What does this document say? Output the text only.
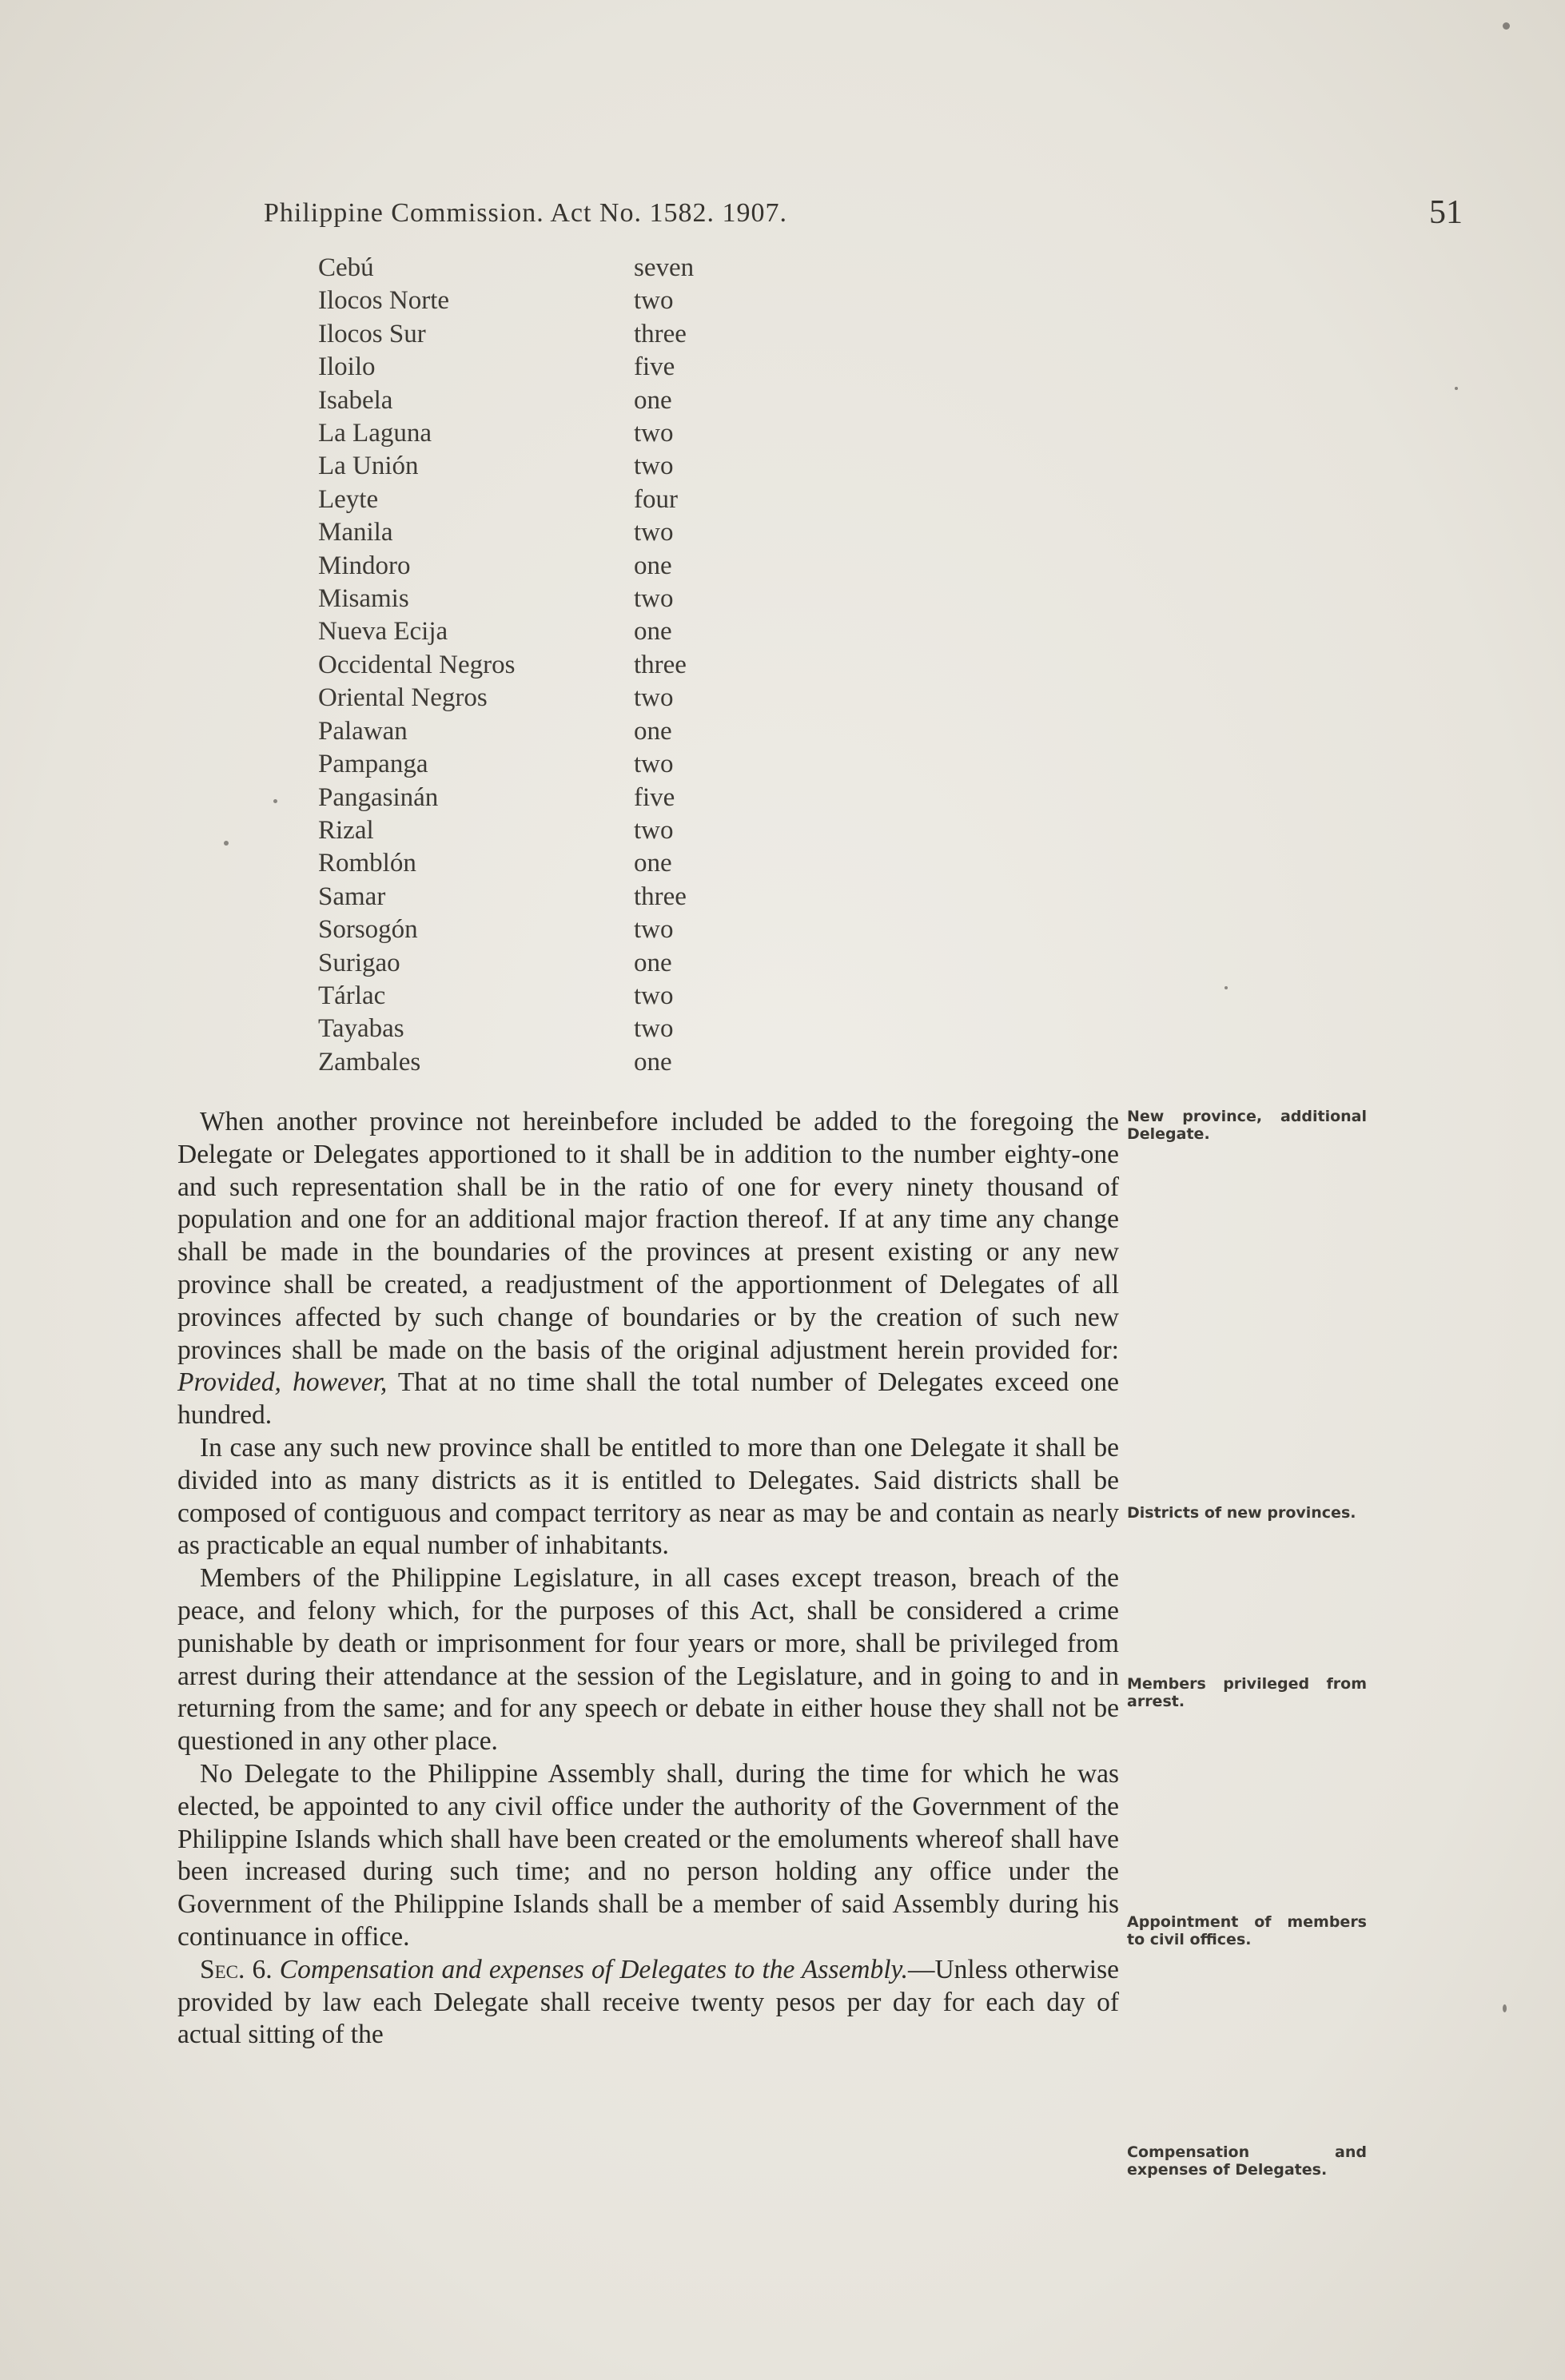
Philippine Commission. Act No. 1582. 1907.	51
Cebú	seven
Ilocos Norte	two
Ilocos Sur	three
Iloilo	five
Isabela	one
La Laguna	two
La Unión	two
Leyte	four
Manila	two
Mindoro	one
Misamis	two
Nueva Ecija	one
Occidental Negros	three
Oriental Negros	two
Palawan	one
Pampanga	two
Pangasinán	five
Rizal	two
Romblón	one
Samar	three
Sorsogón	two
Surigao	one
Tárlac	two
Tayabas	two
Zambales	one

When another province not hereinbefore included be added to the foregoing the Delegate or Delegates apportioned to it shall be in addition to the number eighty-one and such representation shall be in the ratio of one for every ninety thousand of population and one for an additional major fraction thereof. If at any time any change shall be made in the boundaries of the provinces at present existing or any new province shall be created, a readjustment of the apportionment of Delegates of all provinces affected by such change of boundaries or by the creation of such new provinces shall be made on the basis of the original adjustment herein provided for: Provided, however, That at no time shall the total number of Delegates exceed one hundred.

In case any such new province shall be entitled to more than one Delegate it shall be divided into as many districts as it is entitled to Delegates. Said districts shall be composed of contiguous and compact territory as near as may be and contain as nearly as practicable an equal number of inhabitants.

Members of the Philippine Legislature, in all cases except treason, breach of the peace, and felony which, for the purposes of this Act, shall be considered a crime punishable by death or imprisonment for four years or more, shall be privileged from arrest during their attendance at the session of the Legislature, and in going to and in returning from the same; and for any speech or debate in either house they shall not be questioned in any other place.

No Delegate to the Philippine Assembly shall, during the time for which he was elected, be appointed to any civil office under the authority of the Government of the Philippine Islands which shall have been created or the emoluments whereof shall have been increased during such time; and no person holding any office under the Government of the Philippine Islands shall be a member of said Assembly during his continuance in office.

Sec. 6. Compensation and expenses of Delegates to the Assembly.—Unless otherwise provided by law each Delegate shall receive twenty pesos per day for each day of actual sitting of the

New province, additional Delegate.
Districts of new provinces.
Members privileged from arrest.
Appointment of members to civil offices.
Compensation and expenses of Delegates.
